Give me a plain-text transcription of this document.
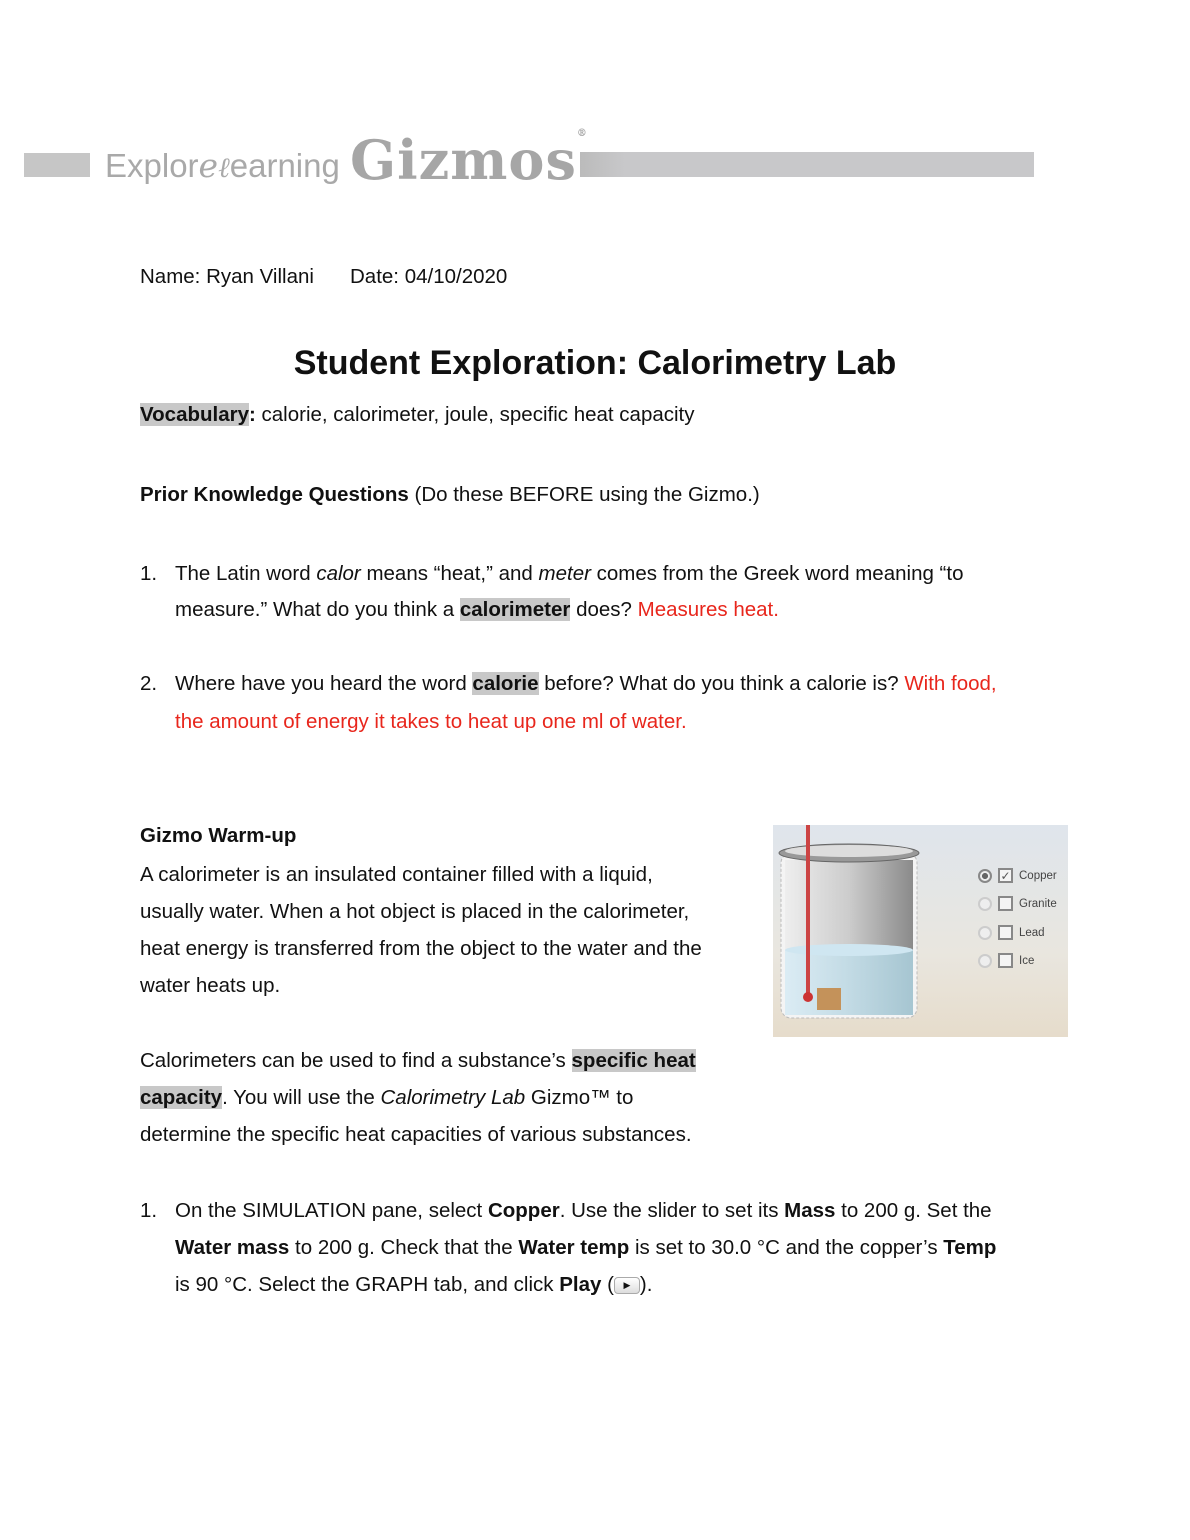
Exploreℓearning Gizmos®
Name: Ryan Villani Date: 04/10/2020
Student Exploration: Calorimetry Lab
Vocabulary: calorie, calorimeter, joule, specific heat capacity
Prior Knowledge Questions (Do these BEFORE using the Gizmo.)
1. The Latin word calor means “heat,” and meter comes from the Greek word meaning “to
measure.” What do you think a calorimeter does? Measures heat.
2. Where have you heard the word calorie before? What do you think a calorie is? With food,
the amount of energy it takes to heat up one ml of water.
Gizmo Warm-up
A calorimeter is an insulated container filled with a liquid,
usually water. When a hot object is placed in the calorimeter,
heat energy is transferred from the object to the water and the
water heats up.
Calorimeters can be used to find a substance’s specific heat
capacity. You will use the Calorimetry Lab Gizmo™ to
determine the specific heat capacities of various substances.
✓ Copper
Granite
Lead
Ice
1. On the SIMULATION pane, select Copper. Use the slider to set its Mass to 200 g. Set the
Water mass to 200 g. Check that the Water temp is set to 30.0 °C and the copper’s Temp
is 90 °C. Select the GRAPH tab, and click Play ( ▶ ).
